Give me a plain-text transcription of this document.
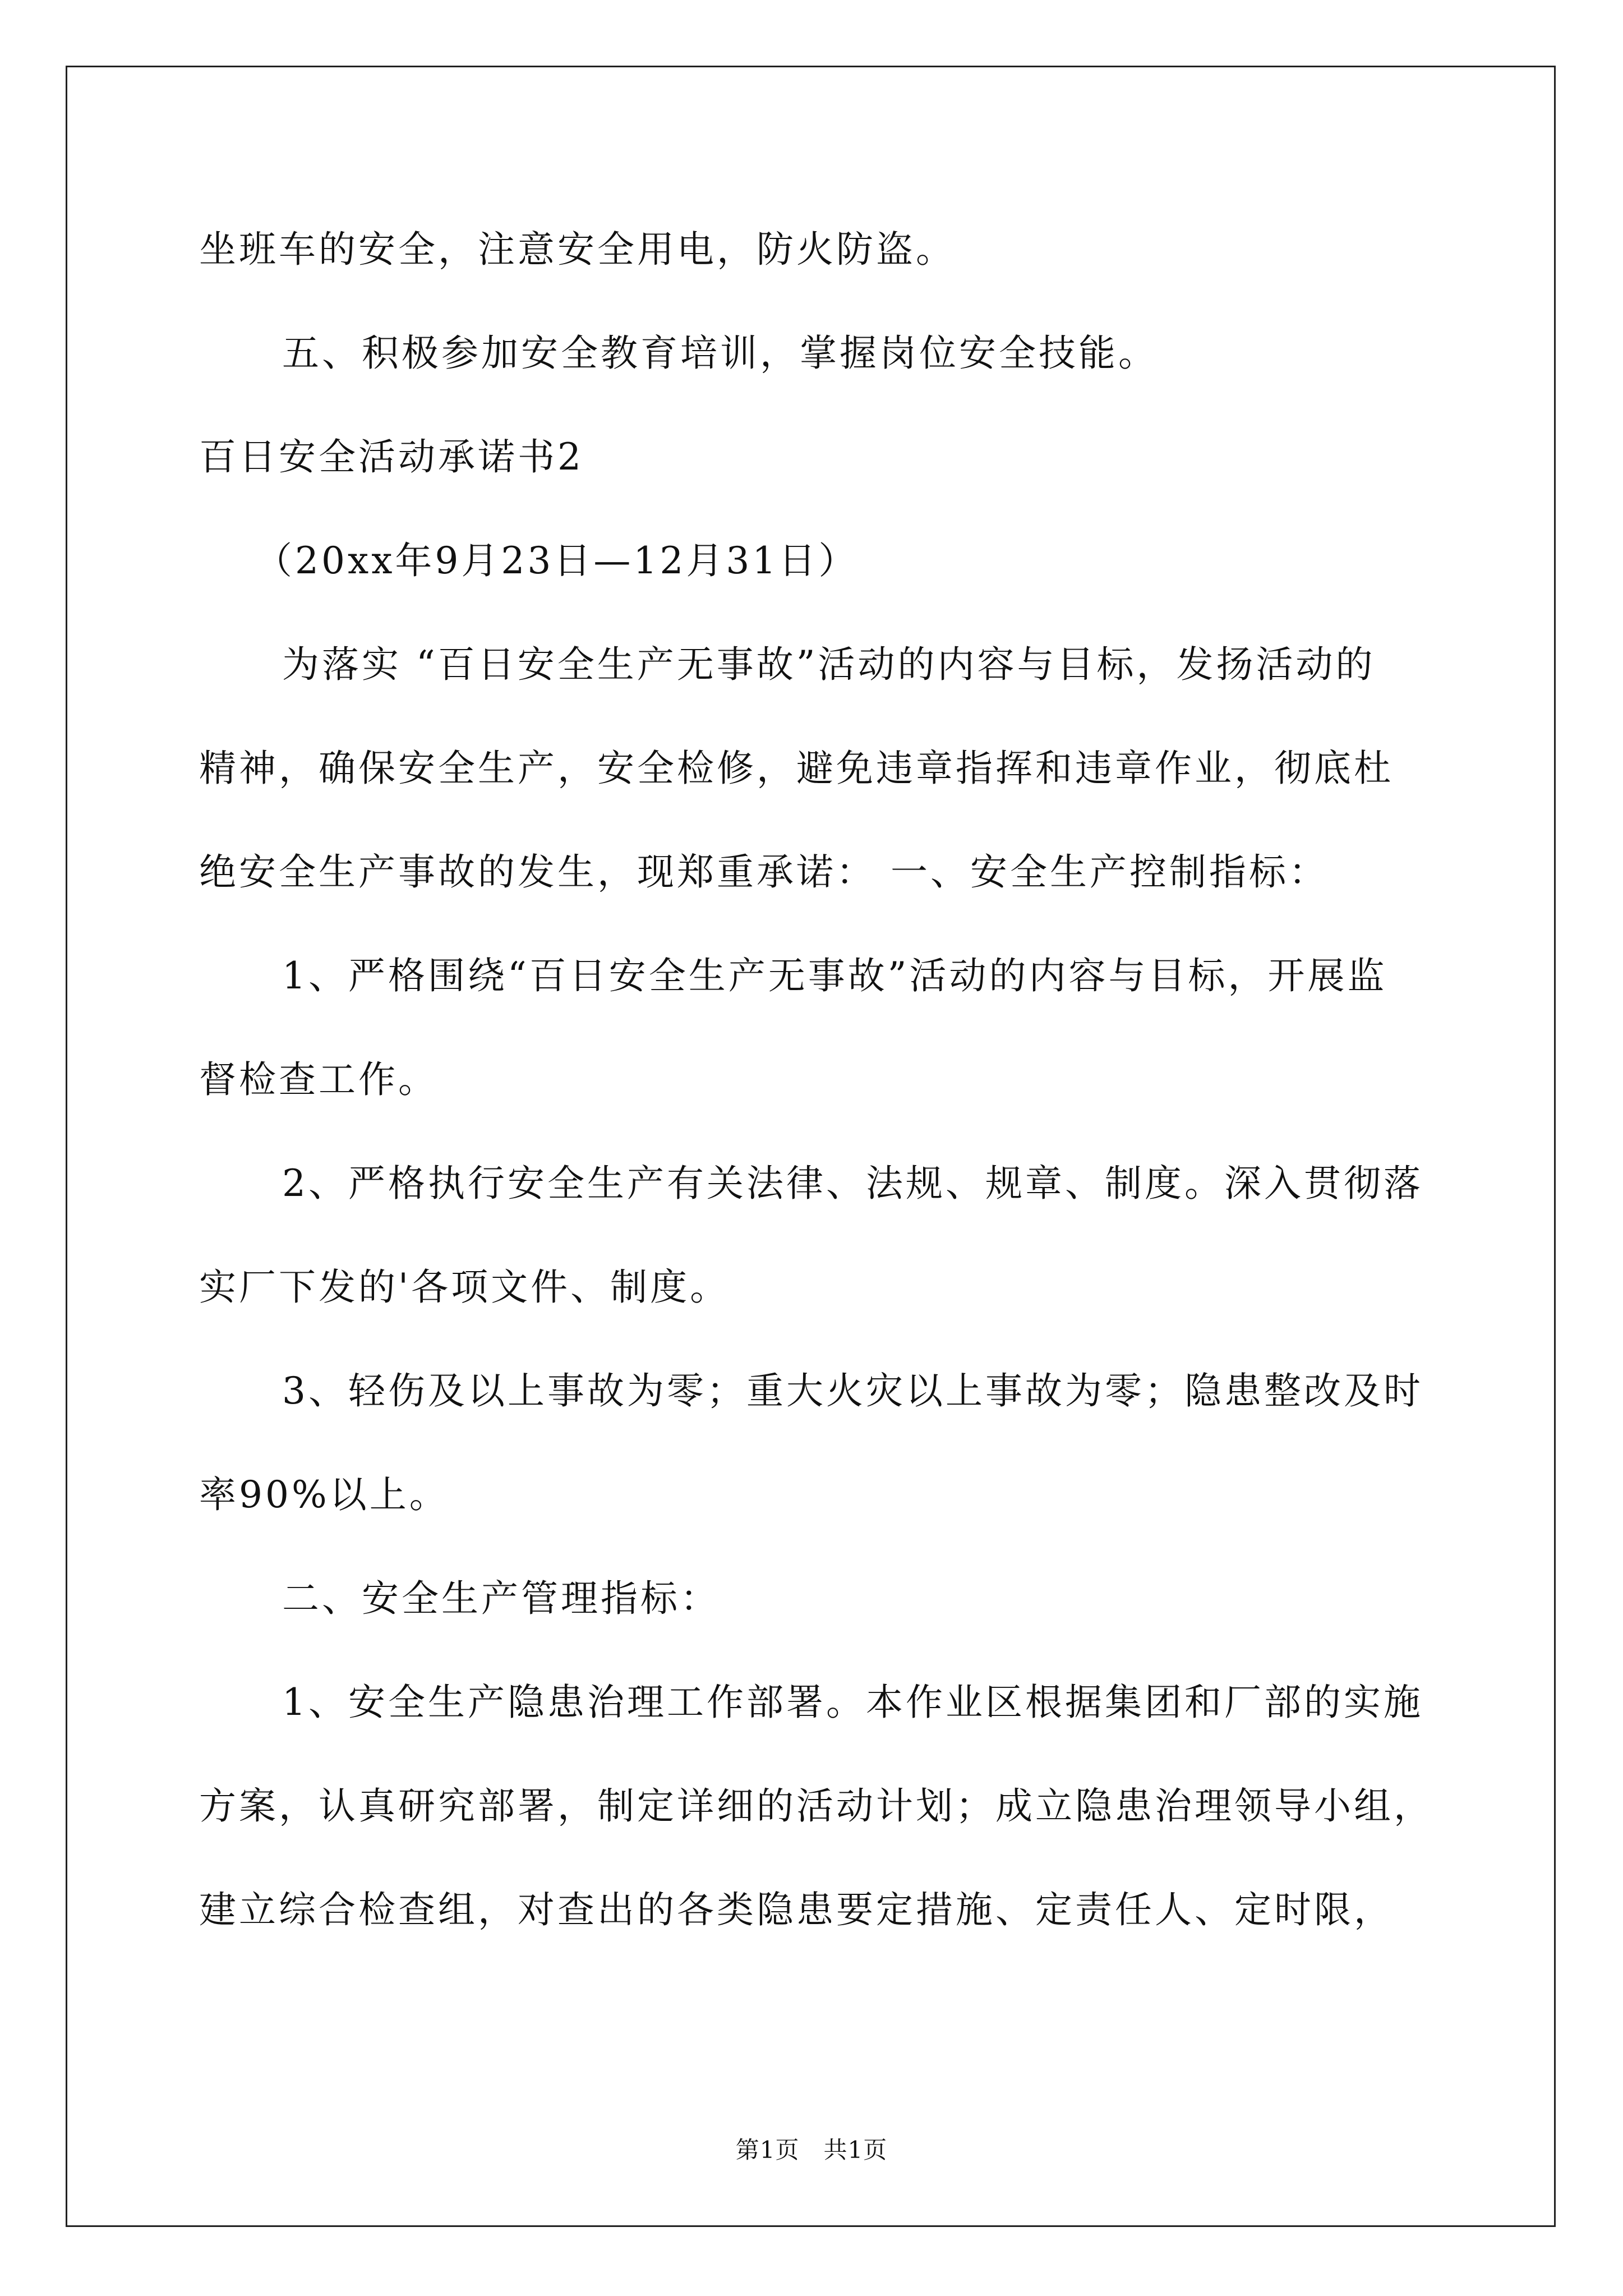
坐班车的安全，注意安全用电，防火防盗。
五、积极参加安全教育培训，掌握岗位安全技能。
百日安全活动承诺书2
（20xx年9月23日—12月31日）
为落实 “百日安全生产无事故”活动的内容与目标，发扬活动的
精神，确保安全生产，安全检修，避免违章指挥和违章作业，彻底杜
绝安全生产事故的发生，现郑重承诺： 一、安全生产控制指标：
1、严格围绕“百日安全生产无事故”活动的内容与目标，开展监
督检查工作。
2、严格执行安全生产有关法律、法规、规章、制度。深入贯彻落
实厂下发的'各项文件、制度。
3、轻伤及以上事故为零；重大火灾以上事故为零；隐患整改及时
率90%以上。
二、安全生产管理指标：
1、安全生产隐患治理工作部署。本作业区根据集团和厂部的实施
方案，认真研究部署，制定详细的活动计划；成立隐患治理领导小组，
建立综合检查组，对查出的各类隐患要定措施、定责任人、定时限，
第1页　共1页
